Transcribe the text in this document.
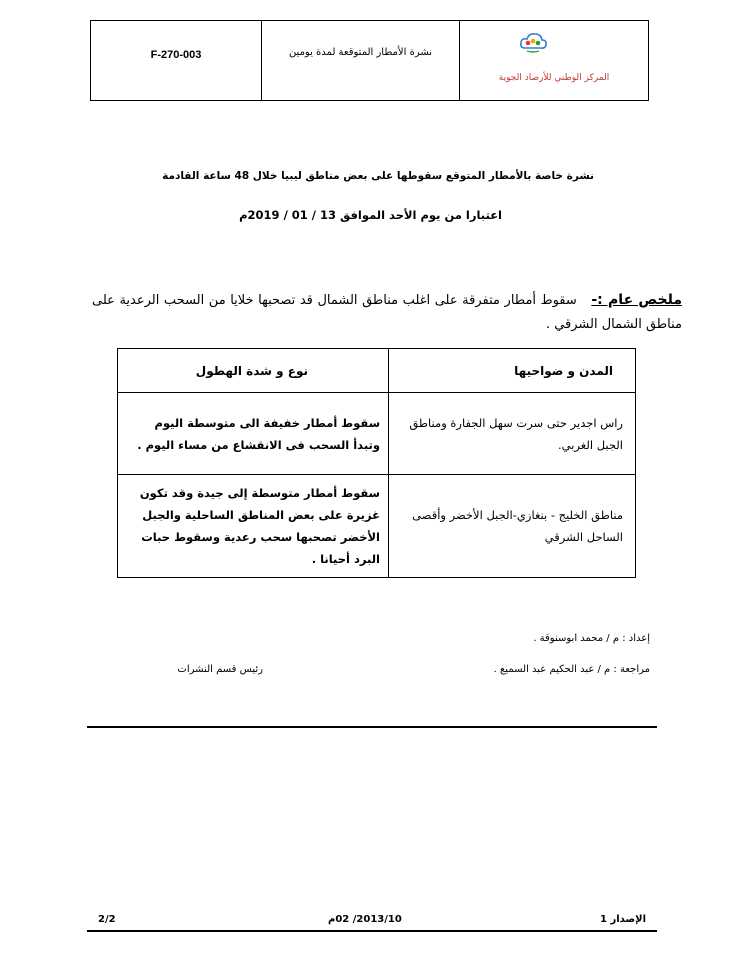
F-270-003	نشرة الأمطار المتوقعة لمدة يومين
المركز الوطني للأرصاد الجوية
نشرة خاصة بالأمطار المتوقع سقوطها على بعض مناطق ليبيا خلال 48 ساعة القادمة
اعتبارا من يوم الأحد الموافق 13 / 01 / 2019م
ملخص عام :- سقوط أمطار متفرقة على اغلب مناطق الشمال قد تصحبها خلايا من السحب الرعدية على مناطق الشمال الشرقي .
المدن و ضواحيها	نوع و شدة الهطول
راس اجدير حتى سرت سهل الجفارة ومناطق الجبل الغربي.	سقوط أمطار خفيفة الى متوسطة اليوم وتبدأ السحب فى الانقشاع من مساء اليوم .
مناطق الخليج - بنغازي-الجبل الأخضر وأقصى الساحل الشرقي	سقوط أمطار متوسطة إلى جيدة وقد تكون غزيرة على بعض المناطق الساحلية والجبل الأخضر تصحبها سحب رعدية وسقوط حبات البرد أحيانا .
إعداد : م / محمد ابوسنوقة .
مراجعة : م / عبد الحكيم عبد السميع .
رئيس قسم النشرات
الإصدار 1
2013/10/ 02م
2/2
